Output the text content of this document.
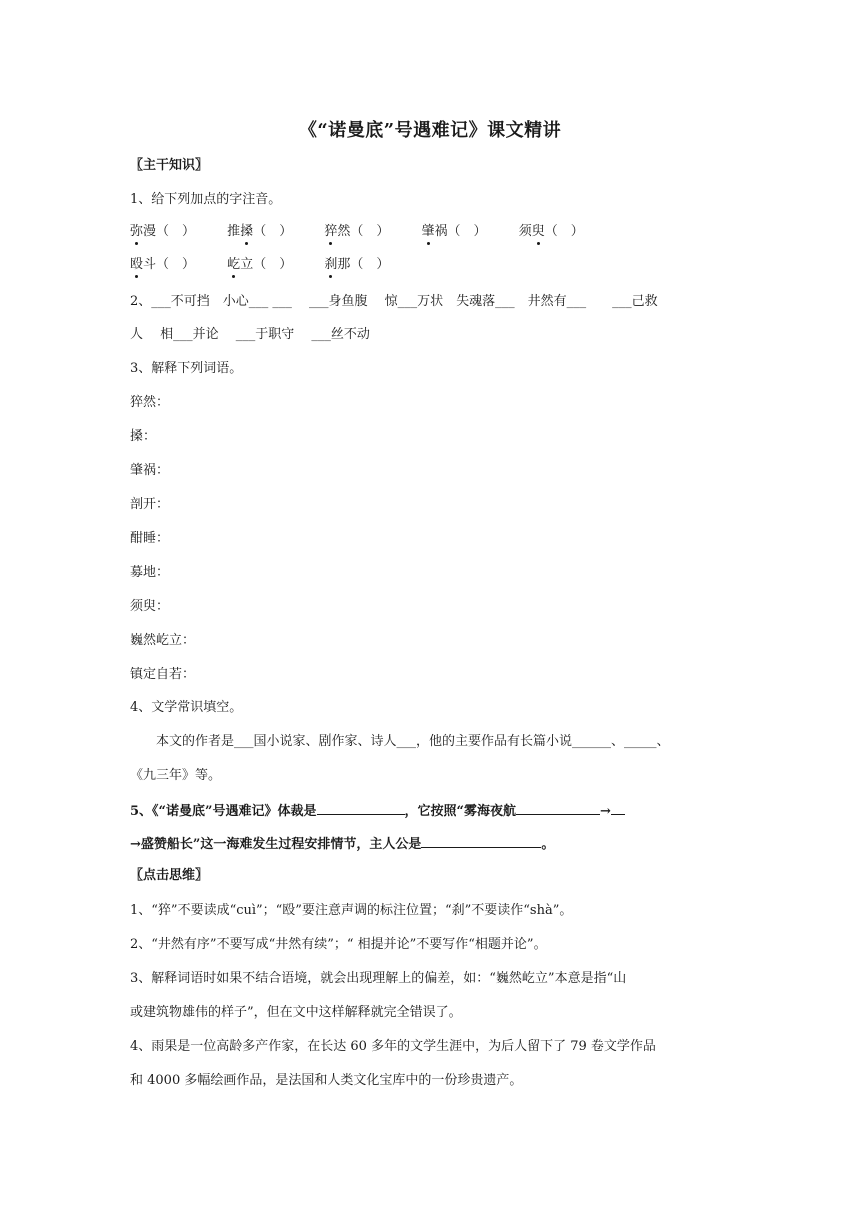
《“诺曼底”号遇难记》课文精讲
〖主干知识〗
1、给下列加点的字注音。
弥漫（　） 推搡（　） 猝然（　） 肇祸（　） 须臾（　）
殴斗（　） 屹立（　） 刹那（　）
2、___不可挡　小心___ ___　 ___身鱼腹　 惊___万状　失魂落___　井然有___　　___己救
人　 相___并论　 ___于职守　 ___丝不动
3、解释下列词语。
猝然：
搡：
肇祸：
剖开：
酣睡：
募地：
须臾：
巍然屹立：
镇定自若：
4、文学常识填空。
　　本文的作者是___国小说家、剧作家、诗人___，他的主要作品有长篇小说______、_____、
《九三年》等。
5、《“诺曼底”号遇难记》体裁是	，它按照“雾海夜航	→
→盛赞船长”这一海难发生过程安排情节，主人公是	。
〖点击思维〗
1、“猝”不要读成“cuì”；“殴”要注意声调的标注位置；“刹”不要读作“shà”。
2、“井然有序”不要写成“井然有续”；“ 相提并论”不要写作“相题并论”。
3、解释词语时如果不结合语境，就会出现理解上的偏差，如：“巍然屹立”本意是指“山
或建筑物雄伟的样子”，但在文中这样解释就完全错误了。
4、雨果是一位高龄多产作家，在长达 60 多年的文学生涯中，为后人留下了 79 卷文学作品
和 4000 多幅绘画作品，是法国和人类文化宝库中的一份珍贵遗产。
